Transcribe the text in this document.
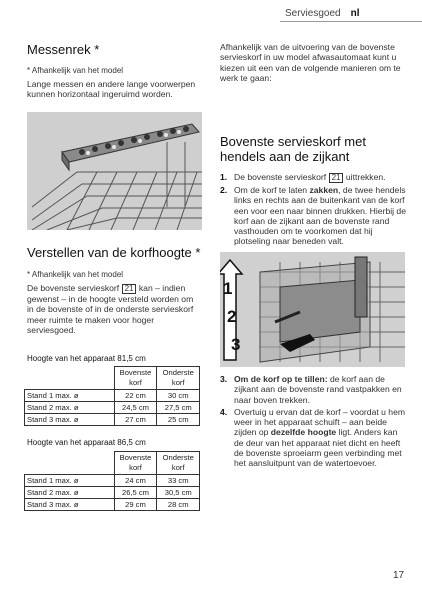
Serviesgoed nl
Messenrek *
* Afhankelijk van het model

Lange messen en andere lange voorwerpen kunnen horizontaal ingeruimd worden.

Verstellen van de korfhoogte *
* Afhankelijk van het model

De bovenste servieskorf 21 kan – indien gewenst – in de hoogte versteld worden om in de bovenste of in de onderste servieskorf meer ruimte te maken voor hoger serviesgoed.

Hoogte van het apparaat 81,5 cm
	Bovenste korf	Onderste korf
Stand 1 max. ø	22 cm	30 cm
Stand 2 max. ø	24,5 cm	27,5 cm
Stand 3 max. ø	27 cm	25 cm
Hoogte van het apparaat 86,5 cm
	Bovenste korf	Onderste korf
Stand 1 max. ø	24 cm	33 cm
Stand 2 max. ø	26,5 cm	30,5 cm
Stand 3 max. ø	29 cm	28 cm

Afhankelijk van de uitvoering van de bovenste servieskorf in uw model afwasautomaat kunt u kiezen uit een van de volgende manieren om te werk te gaan:

Bovenste servieskorf met hendels aan de zijkant
1. De bovenste servieskorf 21 uittrekken.
2. Om de korf te laten zakken, de twee hendels links en rechts aan de buitenkant van de korf een voor een naar binnen drukken. Hierbij de korf aan de zijkant aan de bovenste rand vasthouden om te voorkomen dat hij plotseling naar beneden valt.
1
2
3
3. Om de korf op te tillen: de korf aan de zijkant aan de bovenste rand vastpakken en naar boven trekken.
4. Overtuig u ervan dat de korf – voordat u hem weer in het apparaat schuift – aan beide zijden op dezelfde hoogte ligt. Anders kan de deur van het apparaat niet dicht en heeft de bovenste sproeiarm geen verbinding met het aansluitpunt van de watertoevoer.
17
